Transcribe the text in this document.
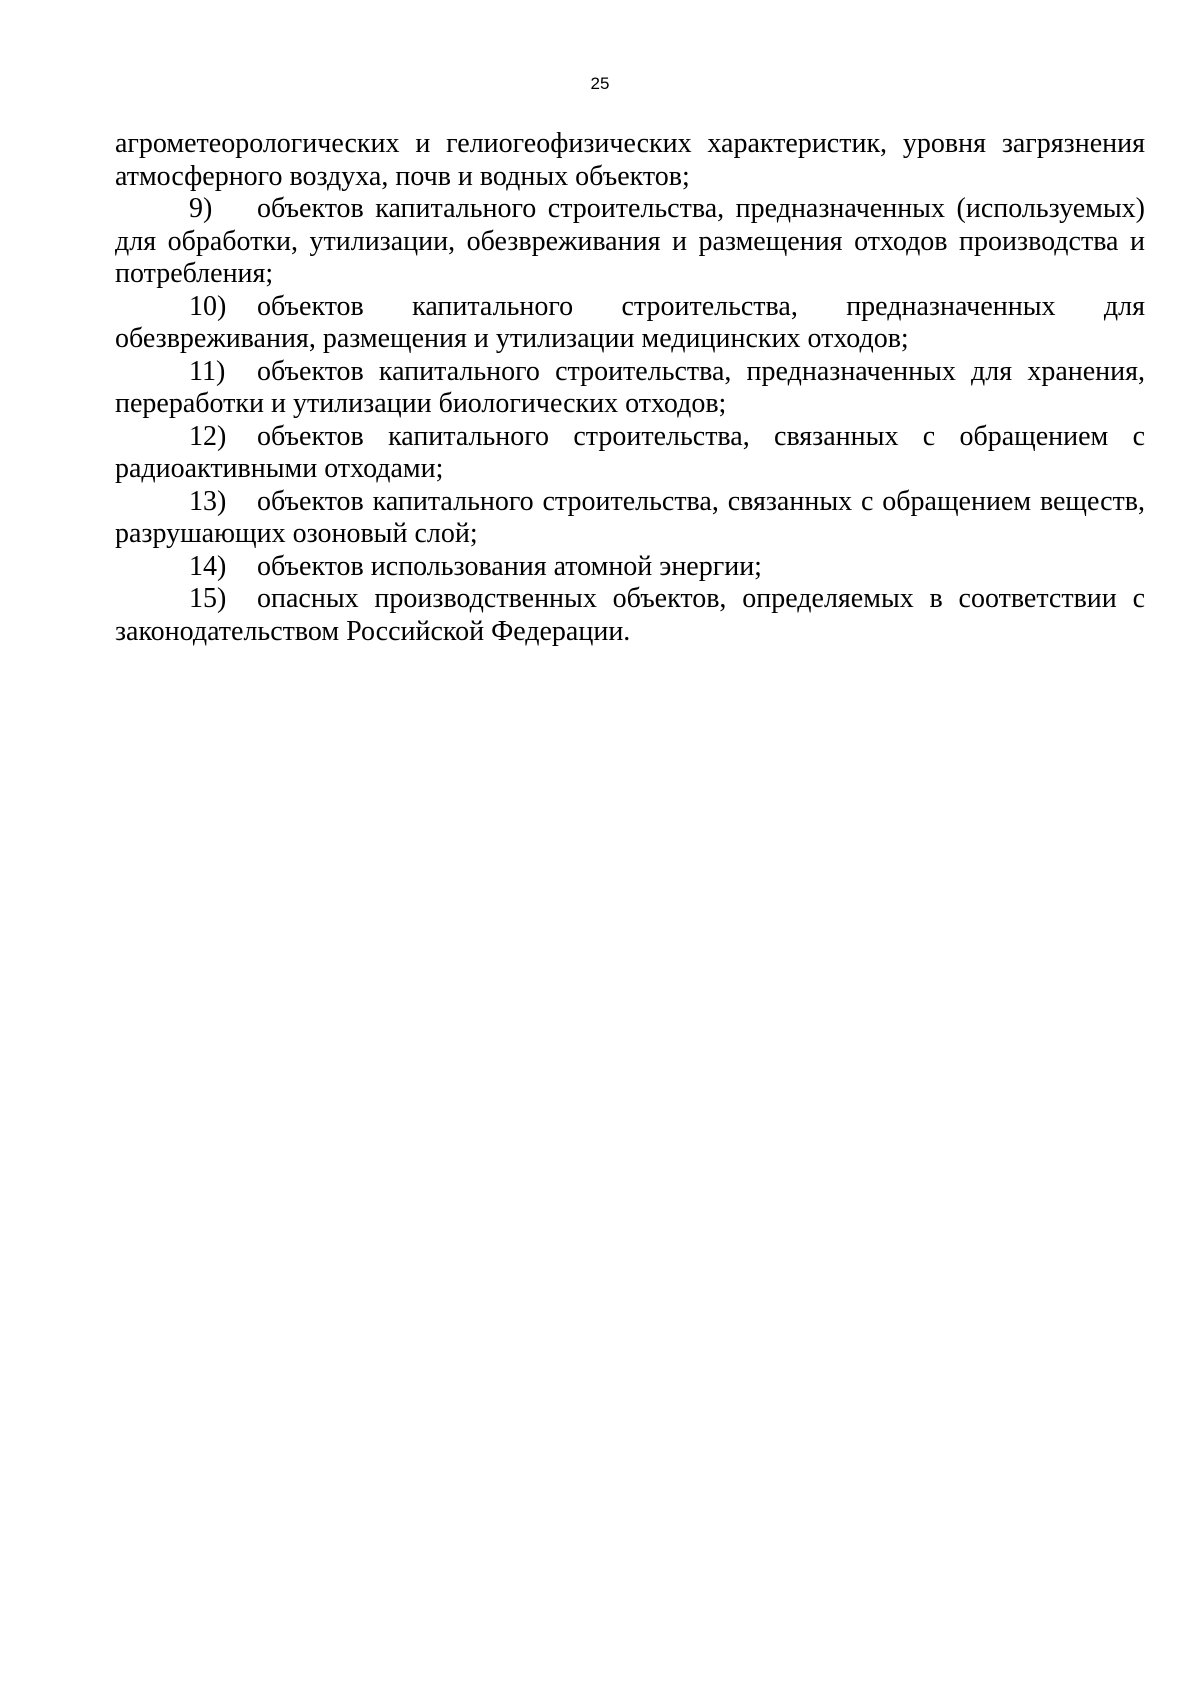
25

агрометеорологических и гелиогеофизических характеристик, уровня загрязнения атмосферного воздуха, почв и водных объектов;

9) объектов капитального строительства, предназначенных (используемых) для обработки, утилизации, обезвреживания и размещения отходов производства и потребления;

10) объектов капитального строительства, предназначенных для обезвреживания, размещения и утилизации медицинских отходов;

11) объектов капитального строительства, предназначенных для хранения, переработки и утилизации биологических отходов;

12) объектов капитального строительства, связанных с обращением с радиоактивными отходами;

13) объектов капитального строительства, связанных с обращением веществ, разрушающих озоновый слой;

14) объектов использования атомной энергии;

15) опасных производственных объектов, определяемых в соответствии с законодательством Российской Федерации.
